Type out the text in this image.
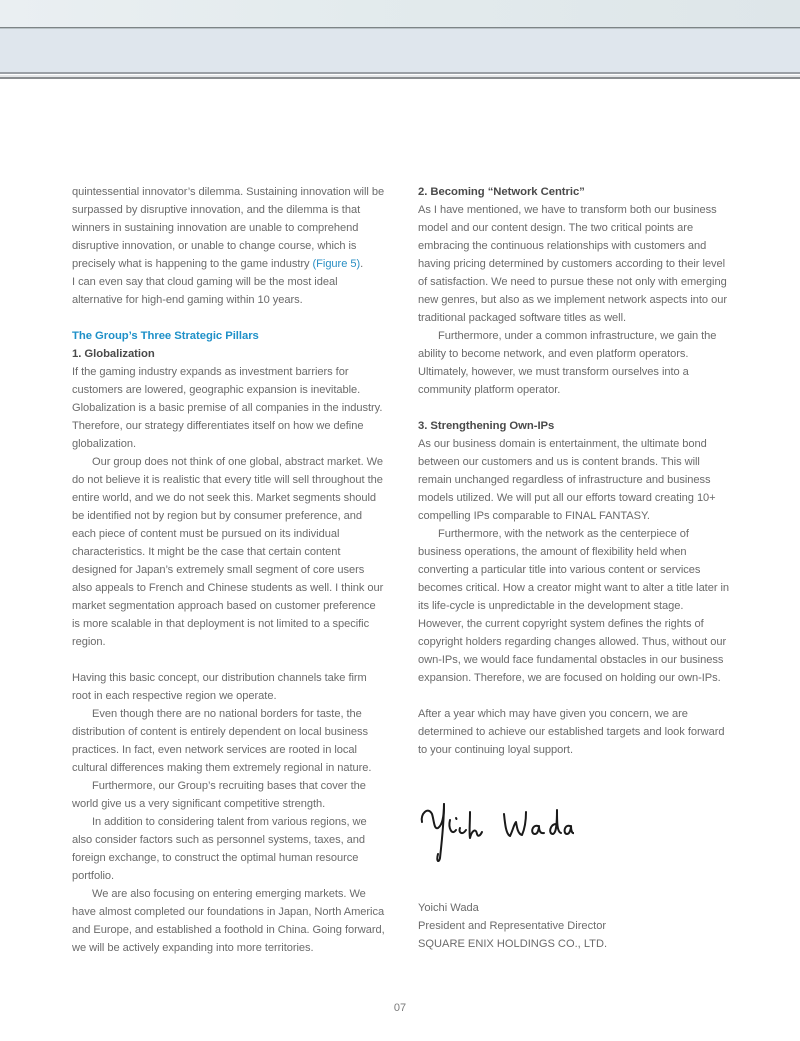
quintessential innovator’s dilemma. Sustaining innovation will be surpassed by disruptive innovation, and the dilemma is that winners in sustaining innovation are unable to comprehend disruptive innovation, or unable to change course, which is precisely what is happening to the game industry (Figure 5).

I can even say that cloud gaming will be the most ideal alternative for high-end gaming within 10 years.

The Group’s Three Strategic Pillars

1. Globalization

If the gaming industry expands as investment barriers for customers are lowered, geographic expansion is inevitable. Globalization is a basic premise of all companies in the industry. Therefore, our strategy differentiates itself on how we define globalization.

Our group does not think of one global, abstract market. We do not believe it is realistic that every title will sell throughout the entire world, and we do not seek this. Market segments should be identified not by region but by consumer preference, and each piece of content must be pursued on its individual characteristics. It might be the case that certain content designed for Japan’s extremely small segment of core users also appeals to French and Chinese students as well. I think our market segmentation approach based on customer preference is more scalable in that deployment is not limited to a specific region.

Having this basic concept, our distribution channels take firm root in each respective region we operate.

Even though there are no national borders for taste, the distribution of content is entirely dependent on local business practices. In fact, even network services are rooted in local cultural differences making them extremely regional in nature.

Furthermore, our Group’s recruiting bases that cover the world give us a very significant competitive strength.

In addition to considering talent from various regions, we also consider factors such as personnel systems, taxes, and foreign exchange, to construct the optimal human resource portfolio.

We are also focusing on entering emerging markets. We have almost completed our foundations in Japan, North America and Europe, and established a foothold in China. Going forward, we will be actively expanding into more territories.

2. Becoming “Network Centric”

As I have mentioned, we have to transform both our business model and our content design. The two critical points are embracing the continuous relationships with customers and having pricing determined by customers according to their level of satisfaction. We need to pursue these not only with emerging new genres, but also as we implement network aspects into our traditional packaged software titles as well.

Furthermore, under a common infrastructure, we gain the ability to become network, and even platform operators. Ultimately, however, we must transform ourselves into a community platform operator.

3. Strengthening Own-IPs

As our business domain is entertainment, the ultimate bond between our customers and us is content brands. This will remain unchanged regardless of infrastructure and business models utilized. We will put all our efforts toward creating 10+ compelling IPs comparable to FINAL FANTASY.

Furthermore, with the network as the centerpiece of business operations, the amount of flexibility held when converting a particular title into various content or services becomes critical. How a creator might want to alter a title later in its life-cycle is unpredictable in the development stage. However, the current copyright system defines the rights of copyright holders regarding changes allowed. Thus, without our own-IPs, we would face fundamental obstacles in our business expansion. Therefore, we are focused on holding our own-IPs.

After a year which may have given you concern, we are determined to achieve our established targets and look forward to your continuing loyal support.

Yoichi Wada
President and Representative Director
SQUARE ENIX HOLDINGS CO., LTD.
07
